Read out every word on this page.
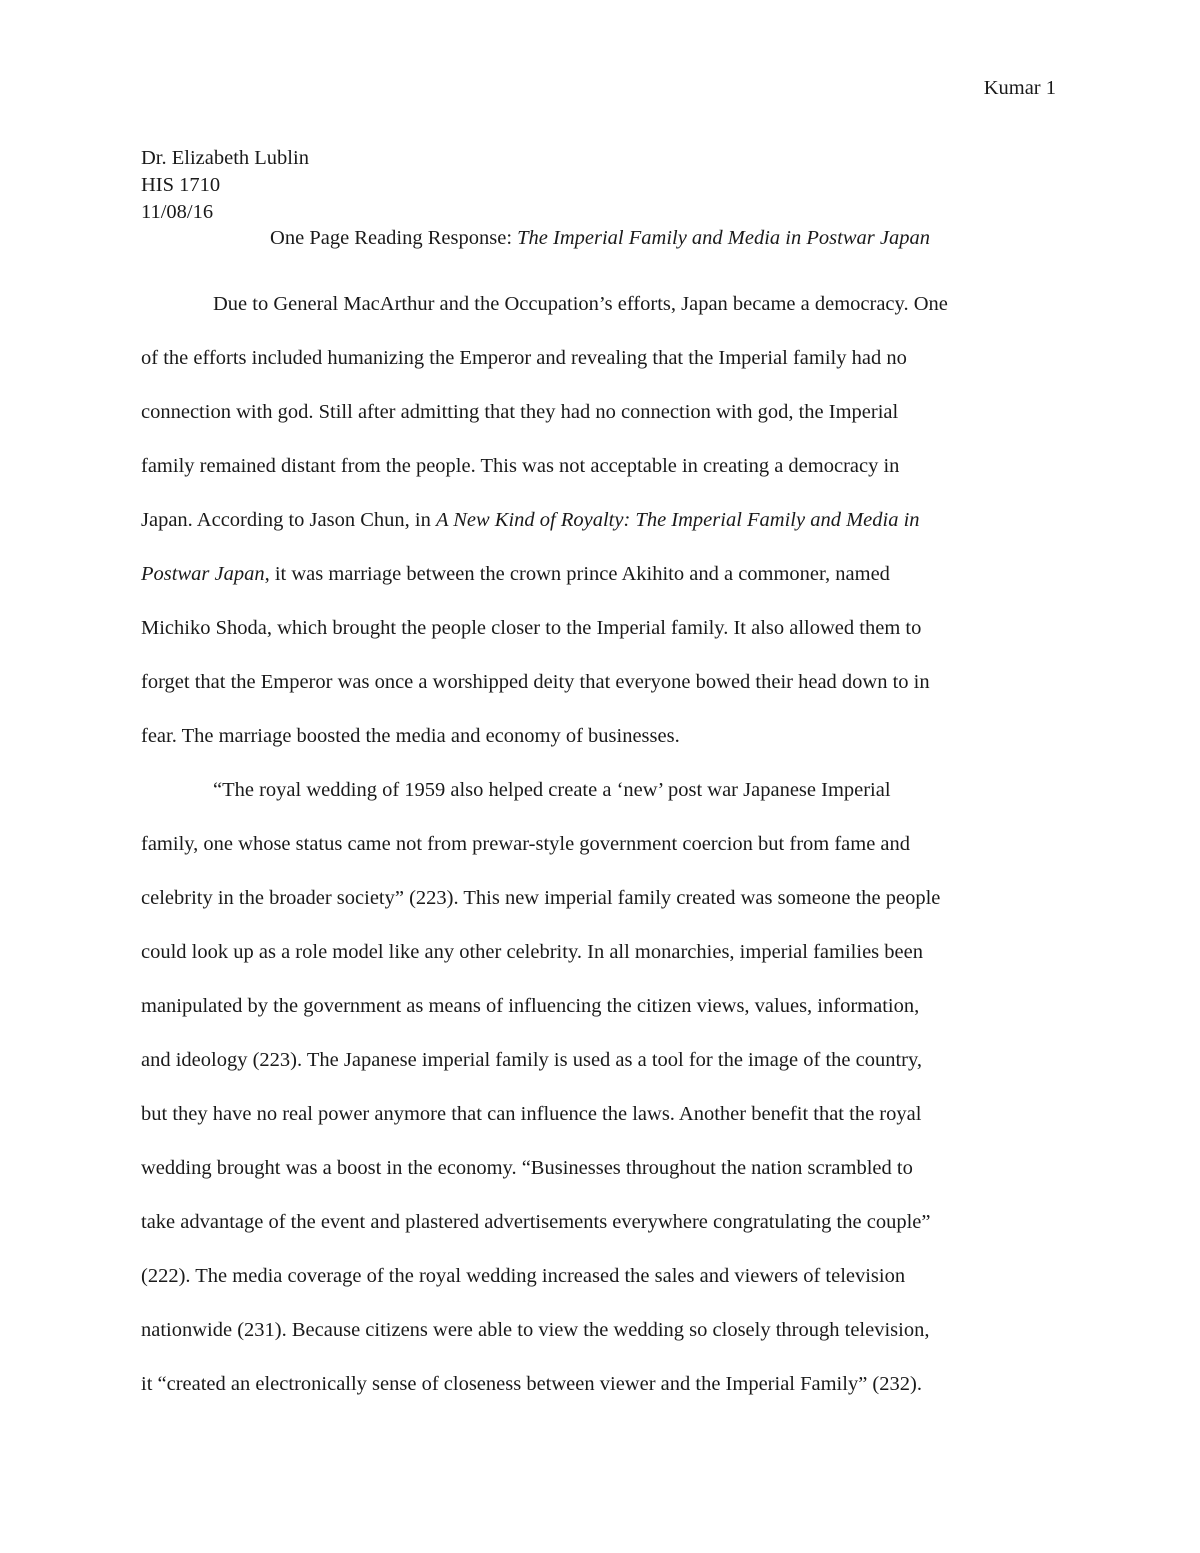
Kumar 1
Dr. Elizabeth Lublin
HIS 1710
11/08/16
One Page Reading Response: The Imperial Family and Media in Postwar Japan
Due to General MacArthur and the Occupation’s efforts, Japan became a democracy. One
of the efforts included humanizing the Emperor and revealing that the Imperial family had no
connection with god. Still after admitting that they had no connection with god, the Imperial
family remained distant from the people. This was not acceptable in creating a democracy in
Japan. According to Jason Chun, in A New Kind of Royalty: The Imperial Family and Media in
Postwar Japan, it was marriage between the crown prince Akihito and a commoner, named
Michiko Shoda, which brought the people closer to the Imperial family. It also allowed them to
forget that the Emperor was once a worshipped deity that everyone bowed their head down to in
fear. The marriage boosted the media and economy of businesses.
“The royal wedding of 1959 also helped create a ‘new’ post war Japanese Imperial
family, one whose status came not from prewar-style government coercion but from fame and
celebrity in the broader society” (223). This new imperial family created was someone the people
could look up as a role model like any other celebrity. In all monarchies, imperial families been
manipulated by the government as means of influencing the citizen views, values, information,
and ideology (223). The Japanese imperial family is used as a tool for the image of the country,
but they have no real power anymore that can influence the laws. Another benefit that the royal
wedding brought was a boost in the economy. “Businesses throughout the nation scrambled to
take advantage of the event and plastered advertisements everywhere congratulating the couple”
(222). The media coverage of the royal wedding increased the sales and viewers of television
nationwide (231). Because citizens were able to view the wedding so closely through television,
it “created an electronically sense of closeness between viewer and the Imperial Family” (232).
